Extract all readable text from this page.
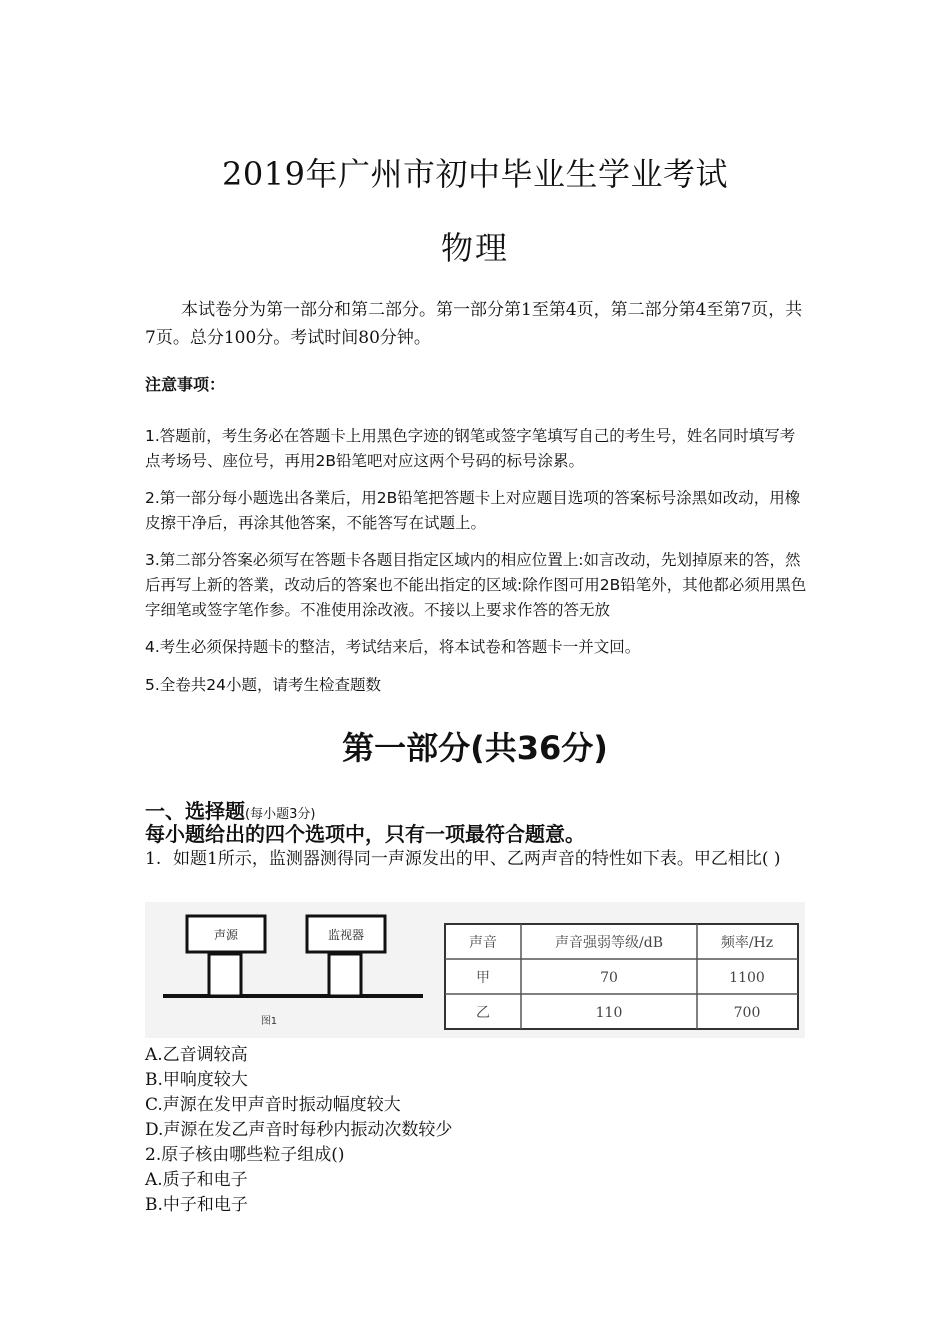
2019年广州市初中毕业生学业考试
物理
本试卷分为第一部分和第二部分。第一部分第1至第4页，第二部分第4至第7页，共7页。总分100分。考试时间80分钟。
注意事项：
1.答题前，考生务必在答题卡上用黑色字迹的钢笔或签字笔填写自己的考生号，姓名同时填写考点考场号、座位号，再用2B铅笔吧对应这两个号码的标号涂累。
2.第一部分每小题选出各業后，用2B铅笔把答题卡上对应题目选项的答案标号涂黑如改动，用橡皮擦干净后，再涂其他答案，不能答写在试题上。
3.第二部分答案必须写在答题卡各题目指定区域内的相应位置上:如言改动，先划掉原来的答，然后再写上新的答業，改动后的答案也不能出指定的区域:除作图可用2B铅笔外，其他都必须用黑色字细笔或签字笔作参。不准使用涂改液。不接以上要求作答的答无放
4.考生必须保持题卡的整洁，考试结来后，将本试卷和答题卡一并文回。
5.全卷共24小题，请考生检查题数
第一部分(共36分)
一、选择题(每小题3分)
每小题给出的四个选项中，只有一项最符合题意。
1. 如题1所示，监测器测得同一声源发出的甲、乙两声音的特性如下表。甲乙相比( )
声源	监视器
图1
声音	声音强弱等级/dB	频率/Hz
甲	70	1100
乙	110	700
A.乙音调较高
B.甲响度较大
C.声源在发甲声音时振动幅度较大
D.声源在发乙声音时每秒内振动次数较少
2.原子核由哪些粒子组成()
A.质子和电子
B.中子和电子
